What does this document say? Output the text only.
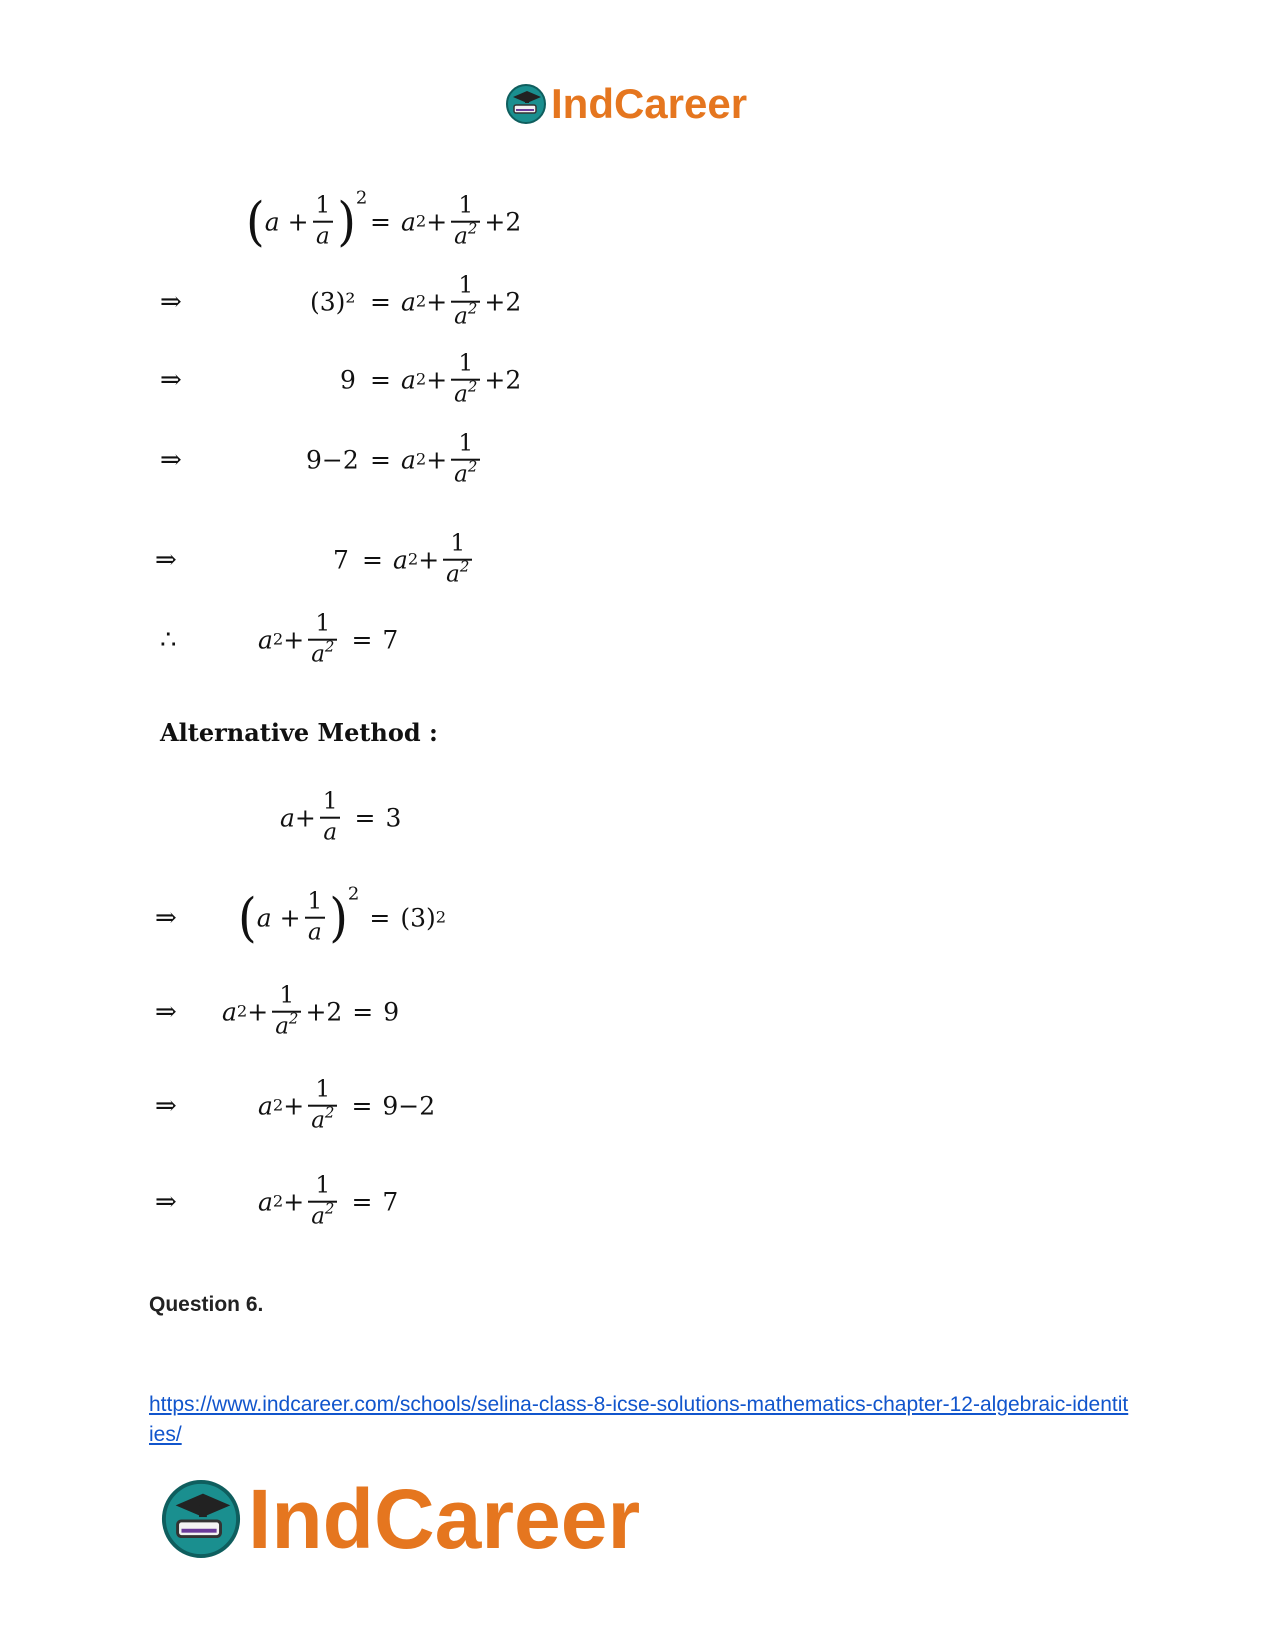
IndCareer
( a
+ $\frac{1}{a}$ ) 2
= a $2 + \frac{1}{a^2} + 2$
⇒	(3)² = a $2 + \frac{1}{a^2} + 2$
⇒	9 = a $2 + \frac{1}{a^2} + 2$
⇒	9−2 = a $2 + \frac{1}{a^2}$
⇒	7 = a $2 + \frac{1}{a^2}$
∴	a $2 + \frac{1}{a^2} = 7$
Alternative Method :
$a + \frac{1}{a} = 3$
⇒ ( a
+ $\frac{1}{a}$ ) 2
= (3) 2
⇒ a $2 + \frac{1}{a^2} + 2 = 9$
⇒	a $2 + \frac{1}{a^2} = 9-2$
⇒	a $2 + \frac{1}{a^2} = 7$
Question 6.
https://www.indcareer.com/schools/selina-class-8-icse-solutions-mathematics-chapter-12-algebraic-identities/
IndCareer
